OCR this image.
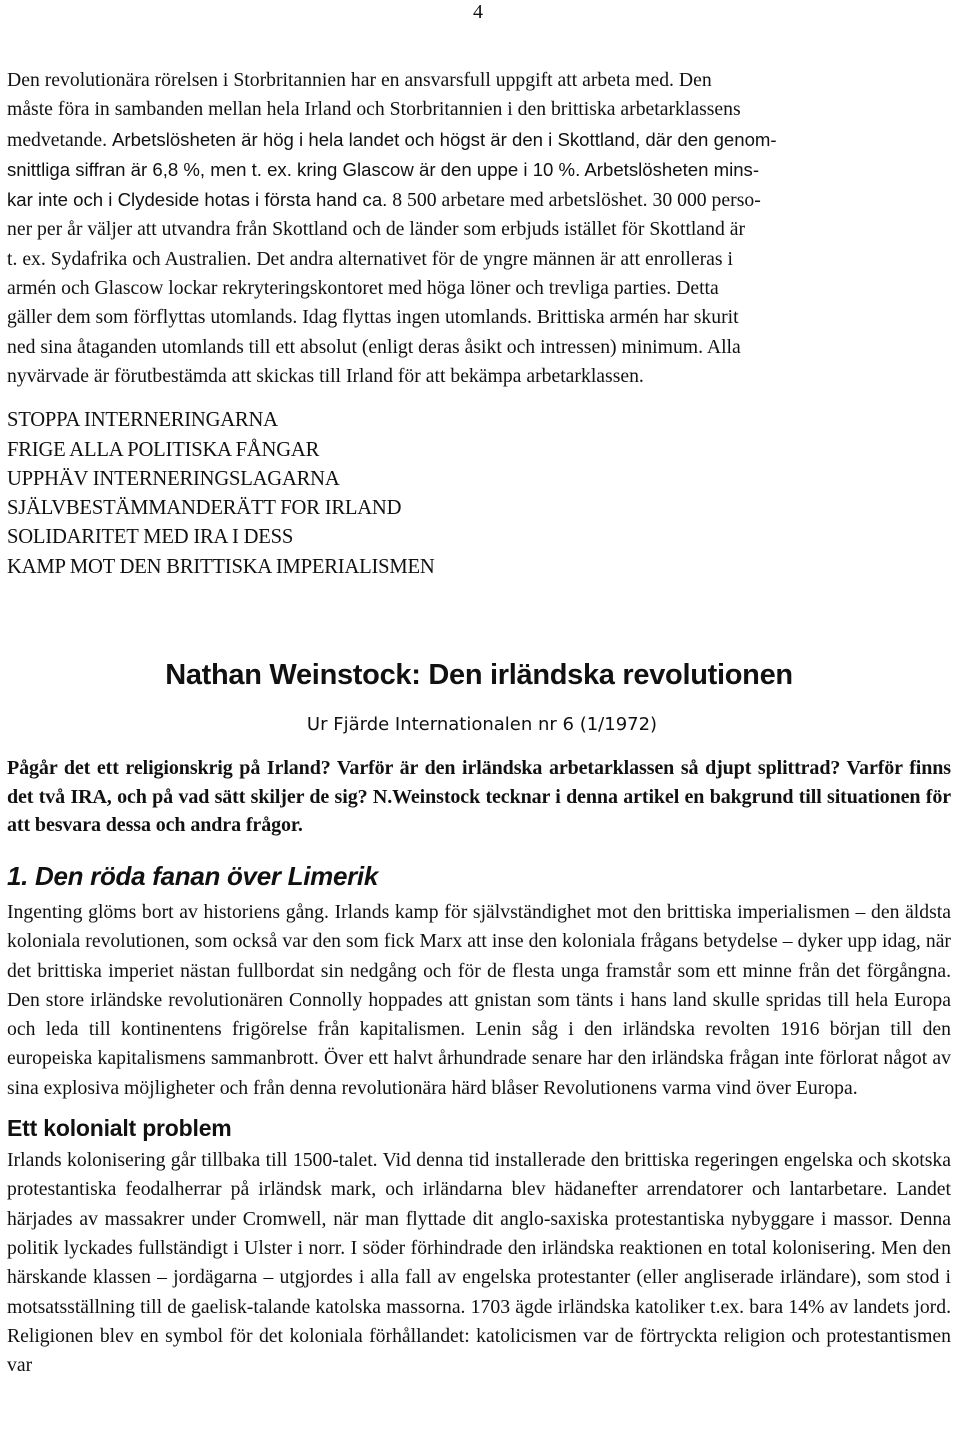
4

Den revolutionära rörelsen i Storbritannien har en ansvarsfull uppgift att arbeta med. Den
måste föra in sambanden mellan hela Irland och Storbritannien i den brittiska arbetarklassens
medvetande. Arbetslösheten är hög i hela landet och högst är den i Skottland, där den genom-
snittliga siffran är 6,8 %, men t. ex. kring Glascow är den uppe i 10 %. Arbetslösheten mins-
kar inte och i Clydeside hotas i första hand ca. 8 500 arbetare med arbetslöshet. 30 000 perso-
ner per år väljer att utvandra från Skottland och de länder som erbjuds istället för Skottland är
t. ex. Sydafrika och Australien. Det andra alternativet för de yngre männen är att enrolleras i
armén och Glascow lockar rekryteringskontoret med höga löner och trevliga parties. Detta
gäller dem som förflyttas utomlands. Idag flyttas ingen utomlands. Brittiska armén har skurit
ned sina åtaganden utomlands till ett absolut (enligt deras åsikt och intressen) minimum. Alla
nyvärvade är förutbestämda att skickas till Irland för att bekämpa arbetarklassen.

STOPPA INTERNERINGARNA
FRIGE ALLA POLITISKA FÅNGAR
UPPHÄV INTERNERINGSLAGARNA
SJÄLVBESTÄMMANDERÄTT FOR IRLAND
SOLIDARITET MED IRA I DESS
KAMP MOT DEN BRITTISKA IMPERIALISMEN
Nathan Weinstock: Den irländska revolutionen
Ur Fjärde Internationalen nr 6 (1/1972)

Pågår det ett religionskrig på Irland? Varför är den irländska arbetarklassen så djupt splittrad? Varför finns det två IRA, och på vad sätt skiljer de sig? N.Weinstock tecknar i denna artikel en bakgrund till situationen för att besvara dessa och andra frågor.

1. Den röda fanan över Limerik

Ingenting glöms bort av historiens gång. Irlands kamp för självständighet mot den brittiska imperialismen – den äldsta koloniala revolutionen, som också var den som fick Marx att inse den koloniala frågans betydelse – dyker upp idag, när det brittiska imperiet nästan fullbordat sin nedgång och för de flesta unga framstår som ett minne från det förgångna. Den store irländske revolutionären Connolly hoppades att gnistan som tänts i hans land skulle spridas till hela Europa och leda till kontinentens frigörelse från kapitalismen. Lenin såg i den irländska revolten 1916 början till den europeiska kapitalismens sammanbrott. Över ett halvt århundrade senare har den irländska frågan inte förlorat något av sina explosiva möjligheter och från denna revolutionära härd blåser Revolutionens varma vind över Europa.

Ett kolonialt problem

Irlands kolonisering går tillbaka till 1500-talet. Vid denna tid installerade den brittiska regeringen engelska och skotska protestantiska feodalherrar på irländsk mark, och irländarna blev hädanefter arrendatorer och lantarbetare. Landet härjades av massakrer under Cromwell, när man flyttade dit anglo-saxiska protestantiska nybyggare i massor. Denna politik lyckades fullständigt i Ulster i norr. I söder förhindrade den irländska reaktionen en total kolonisering. Men den härskande klassen – jordägarna – utgjordes i alla fall av engelska protestanter (eller angliserade irländare), som stod i motsatsställning till de gaelisk-talande katolska massorna. 1703 ägde irländska katoliker t.ex. bara 14% av landets jord. Religionen blev en symbol för det koloniala förhållandet: katolicismen var de förtryckta religion och protestantismen var
